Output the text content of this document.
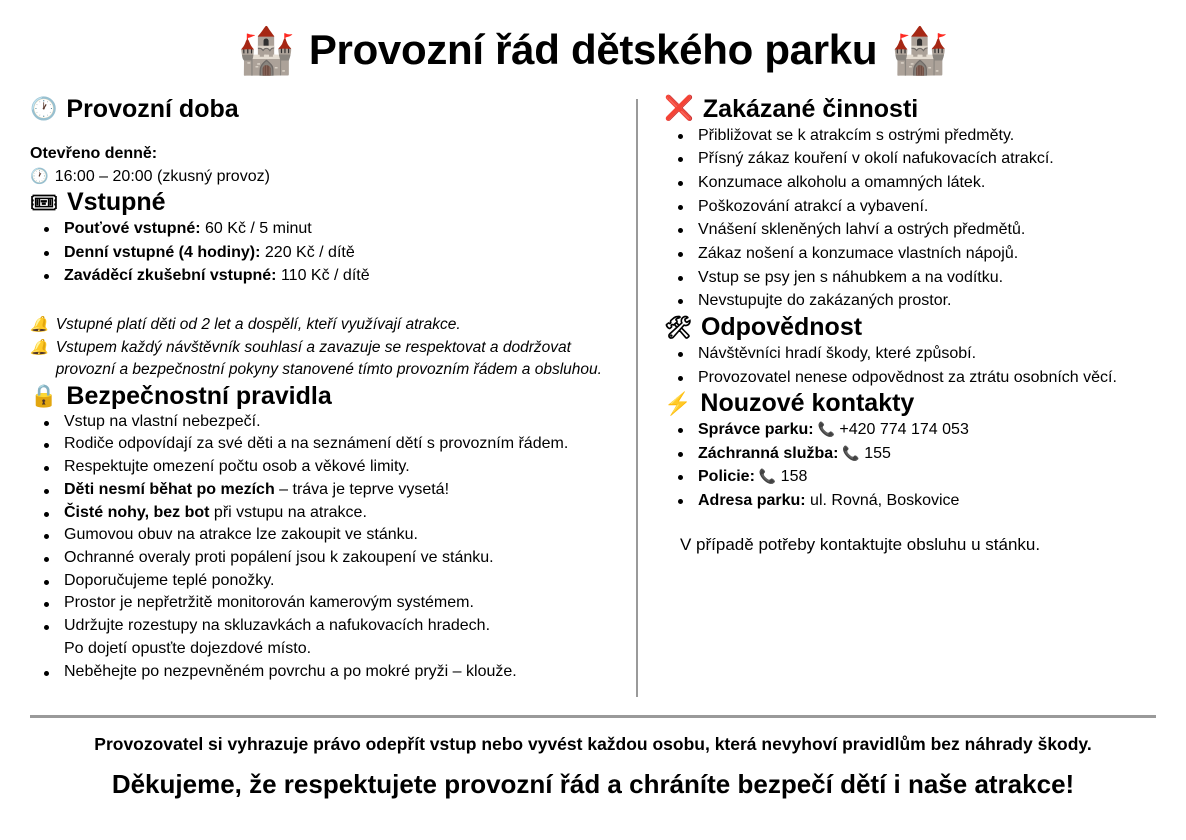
🏰 Provozní řád dětského parku 🏰
🕐 Provozní doba
Otevřeno denně:
🕐 16:00 – 20:00 (zkusný provoz)
🎟 Vstupné
Pouťové vstupné: 60 Kč / 5 minut
Denní vstupné (4 hodiny): 220 Kč / dítě
Zaváděcí zkušební vstupné: 110 Kč / dítě
🔔 Vstupné platí děti od 2 let a dospělí, kteří využívají atrakce.
🔔 Vstupem každý návštěvník souhlasí a zavazuje se respektovat a dodržovat provozní a bezpečnostní pokyny stanovené tímto provozním řádem a obsluhou.
🔒 Bezpečnostní pravidla
Vstup na vlastní nebezpečí.
Rodiče odpovídají za své děti a na seznámení dětí s provozním řádem.
Respektujte omezení počtu osob a věkové limity.
Děti nesmí běhat po mezích – tráva je teprve vysetá!
Čisté nohy, bez bot při vstupu na atrakce.
Gumovou obuv na atrakce lze zakoupit ve stánku.
Ochranné overaly proti popálení jsou k zakoupení ve stánku.
Doporučujeme teplé ponožky.
Prostor je nepřetržitě monitorován kamerovým systémem.
Udržujte rozestupy na skluzavkách a nafukovacích hradech.
Po dojetí opusťte dojezdové místo.
Neběhejte po nezpevněném povrchu a po mokré pryži – klouže.
❌ Zakázané činnosti
Přibližovat se k atrakcím s ostrými předměty.
Přísný zákaz kouření v okolí nafukovacích atrakcí.
Konzumace alkoholu a omamných látek.
Poškozování atrakcí a vybavení.
Vnášení skleněných lahví a ostrých předmětů.
Zákaz nošení a konzumace vlastních nápojů.
Vstup se psy jen s náhubkem a na vodítku.
Nevstupujte do zakázaných prostor.
🛠 Odpovědnost
Návštěvníci hradí škody, které způsobí.
Provozovatel nenese odpovědnost za ztrátu osobních věcí.
⚡ Nouzové kontakty
Správce parku: 📞 +420 774 174 053
Záchranná služba: 📞 155
Policie: 📞 158
Adresa parku: ul. Rovná, Boskovice
V případě potřeby kontaktujte obsluhu u stánku.
Provozovatel si vyhrazuje právo odepřít vstup nebo vyvést každou osobu, která nevyhoví pravidlům bez náhrady škody.
Děkujeme, že respektujete provozní řád a chráníte bezpečí dětí i naše atrakce!
